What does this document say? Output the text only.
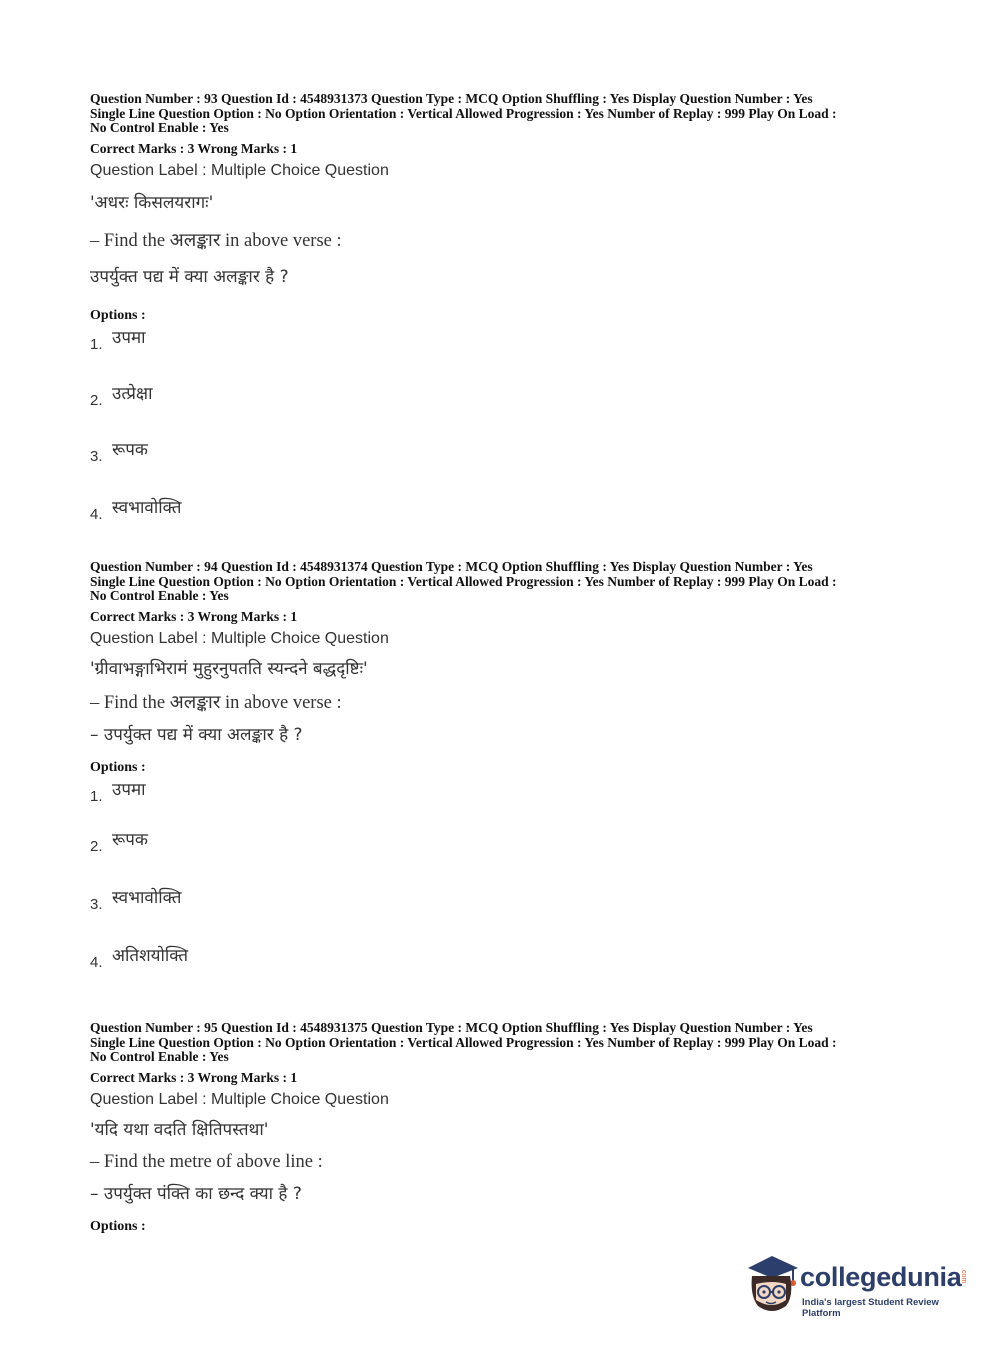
Question Number : 93 Question Id : 4548931373 Question Type : MCQ Option Shuffling : Yes Display Question Number : Yes

Single Line Question Option : No Option Orientation : Vertical Allowed Progression : Yes Number of Replay : 999 Play On Load :

No Control Enable : Yes

Correct Marks : 3 Wrong Marks : 1
Question Label : Multiple Choice Question
'अधरः किसलयरागः'
– Find the अलङ्कार in above verse :
उपर्युक्त पद्य में क्या अलङ्कार है ?
Options :
1. उपमा
2. उत्प्रेक्षा
3. रूपक
4. स्वभावोक्ति

Question Number : 94 Question Id : 4548931374 Question Type : MCQ Option Shuffling : Yes Display Question Number : Yes

Single Line Question Option : No Option Orientation : Vertical Allowed Progression : Yes Number of Replay : 999 Play On Load :

No Control Enable : Yes

Correct Marks : 3 Wrong Marks : 1
Question Label : Multiple Choice Question
'ग्रीवाभङ्गाभिरामं मुहुरनुपतति स्यन्दने बद्धदृष्टिः'
– Find the अलङ्कार in above verse :
– उपर्युक्त पद्य में क्या अलङ्कार है ?
Options :
1. उपमा
2. रूपक
3. स्वभावोक्ति
4. अतिशयोक्ति

Question Number : 95 Question Id : 4548931375 Question Type : MCQ Option Shuffling : Yes Display Question Number : Yes

Single Line Question Option : No Option Orientation : Vertical Allowed Progression : Yes Number of Replay : 999 Play On Load :

No Control Enable : Yes

Correct Marks : 3 Wrong Marks : 1
Question Label : Multiple Choice Question
'यदि यथा वदति क्षितिपस्तथा'
– Find the metre of above line :
– उपर्युक्त पंक्ति का छन्द क्या है ?
Options :
collegedunia
.com
India's largest Student Review Platform
